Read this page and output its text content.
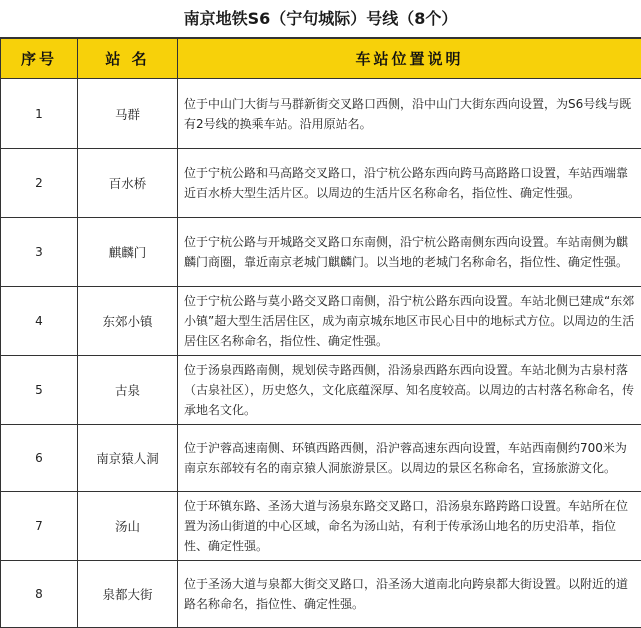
南京地铁S6（宁句城际）号线（8个）
序号	站 名	车站位置说明
1	马群	位于中山门大街与马群新街交叉路口西侧，沿中山门大街东西向设置，为S6号线与既有2号线的换乘车站。沿用原站名。
2	百水桥	位于宁杭公路和马高路交叉路口，沿宁杭公路东西向跨马高路路口设置，车站西端靠近百水桥大型生活片区。以周边的生活片区名称命名，指位性、确定性强。
3	麒麟门	位于宁杭公路与开城路交叉路口东南侧，沿宁杭公路南侧东西向设置。车站南侧为麒麟门商圈，靠近南京老城门麒麟门。以当地的老城门名称命名，指位性、确定性强。
4	东郊小镇	位于宁杭公路与莫小路交叉路口南侧，沿宁杭公路东西向设置。车站北侧已建成“东郊小镇”超大型生活居住区，成为南京城东地区市民心目中的地标式方位。以周边的生活居住区名称命名，指位性、确定性强。
5	古泉	位于汤泉西路南侧，规划侯寺路西侧，沿汤泉西路东西向设置。车站北侧为古泉村落（古泉社区），历史悠久，文化底蕴深厚、知名度较高。以周边的古村落名称命名，传承地名文化。
6	南京猿人洞	位于沪蓉高速南侧、环镇西路西侧，沿沪蓉高速东西向设置，车站西南侧约700米为南京东部较有名的南京猿人洞旅游景区。以周边的景区名称命名，宣扬旅游文化。
7	汤山	位于环镇东路、圣汤大道与汤泉东路交叉路口，沿汤泉东路跨路口设置。车站所在位置为汤山街道的中心区域，命名为汤山站，有利于传承汤山地名的历史沿革，指位性、确定性强。
8	泉都大街	位于圣汤大道与泉都大街交叉路口，沿圣汤大道南北向跨泉都大街设置。以附近的道路名称命名，指位性、确定性强。
